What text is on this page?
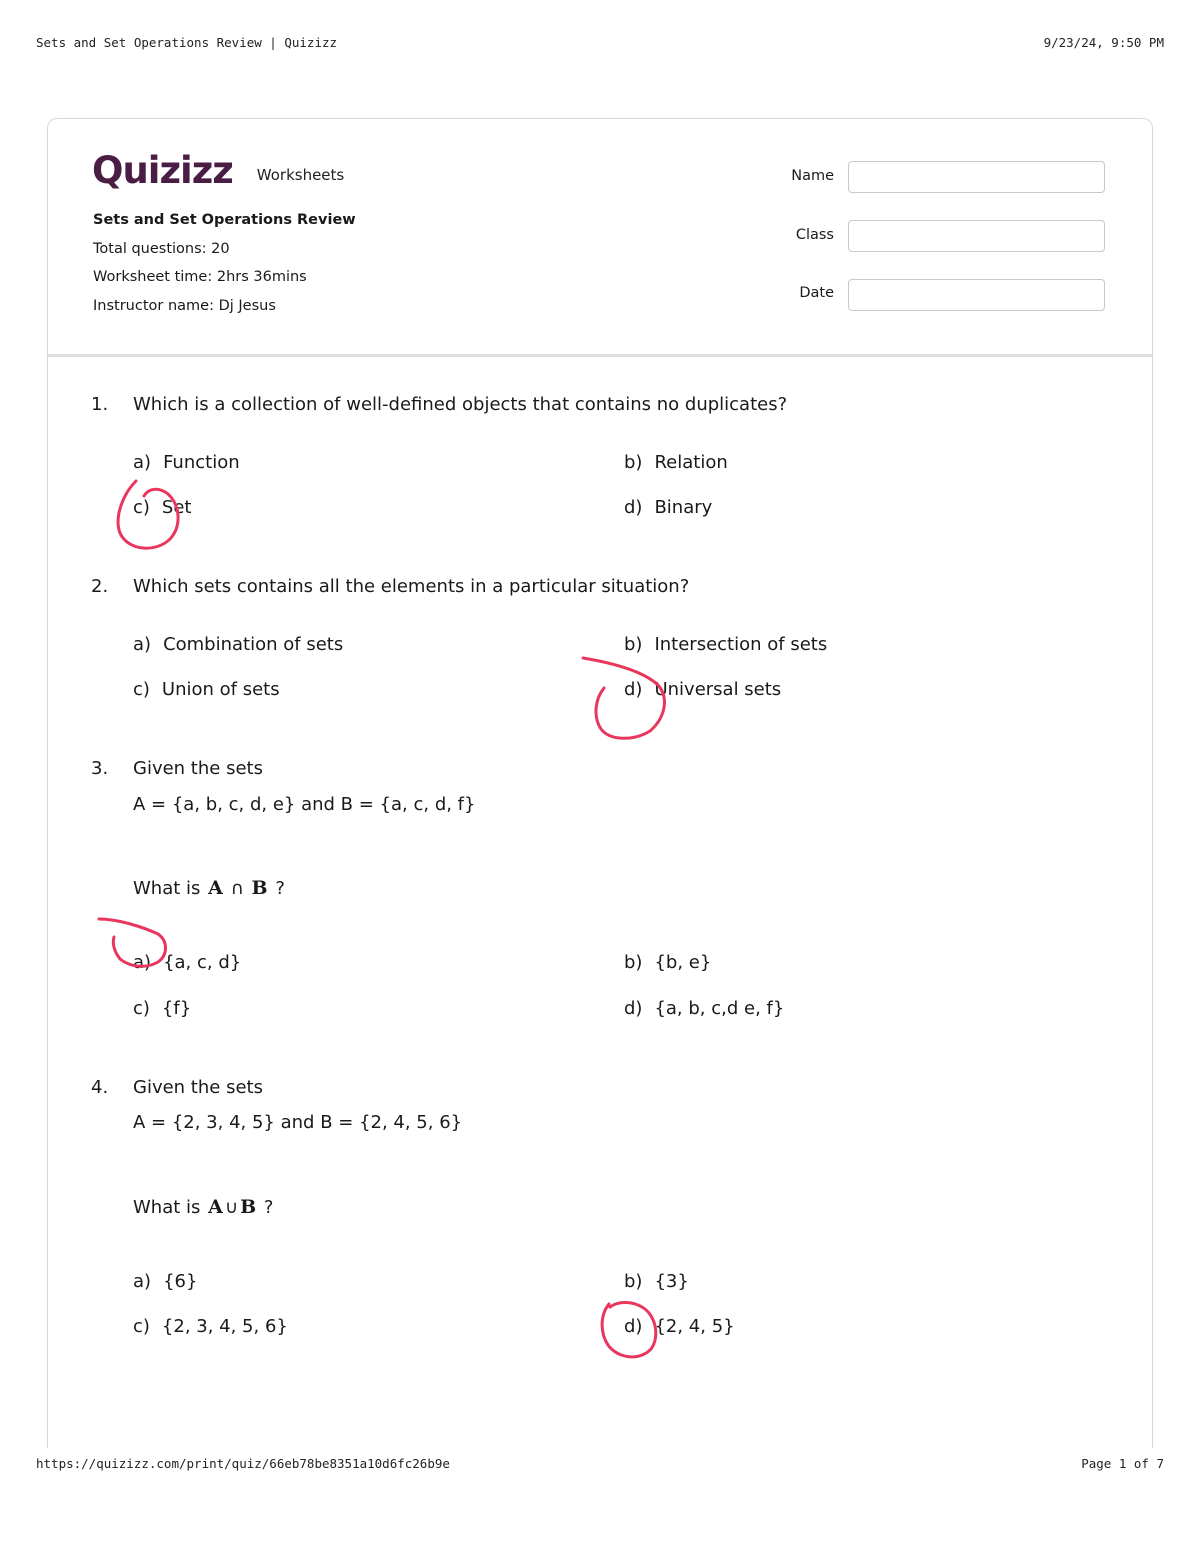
Sets and Set Operations Review | Quizizz	9/23/24, 9:50 PM
Quizizz Worksheets
Sets and Set Operations Review
Total questions: 20
Worksheet time: 2hrs 36mins
Instructor name: Dj Jesus
Name
Class
Date
1. Which is a collection of well-defined objects that contains no duplicates?
a) Function	b) Relation
c) Set	d) Binary
2. Which sets contains all the elements in a particular situation?
a) Combination of sets	b) Intersection of sets
c) Union of sets	d) Universal sets
3. Given the sets
A = {a, b, c, d, e} and B = {a, c, d, f}
What is A ∩ B ?
a) {a, c, d}	b) {b, e}
c) {f}	d) {a, b, c,d e, f}
4. Given the sets
A = {2, 3, 4, 5} and B = {2, 4, 5, 6}
What is A ∪ B ?
a) {6}	b) {3}
c) {2, 3, 4, 5, 6}	d) {2, 4, 5}
https://quizizz.com/print/quiz/66eb78be8351a10d6fc26b9e	Page 1 of 7
